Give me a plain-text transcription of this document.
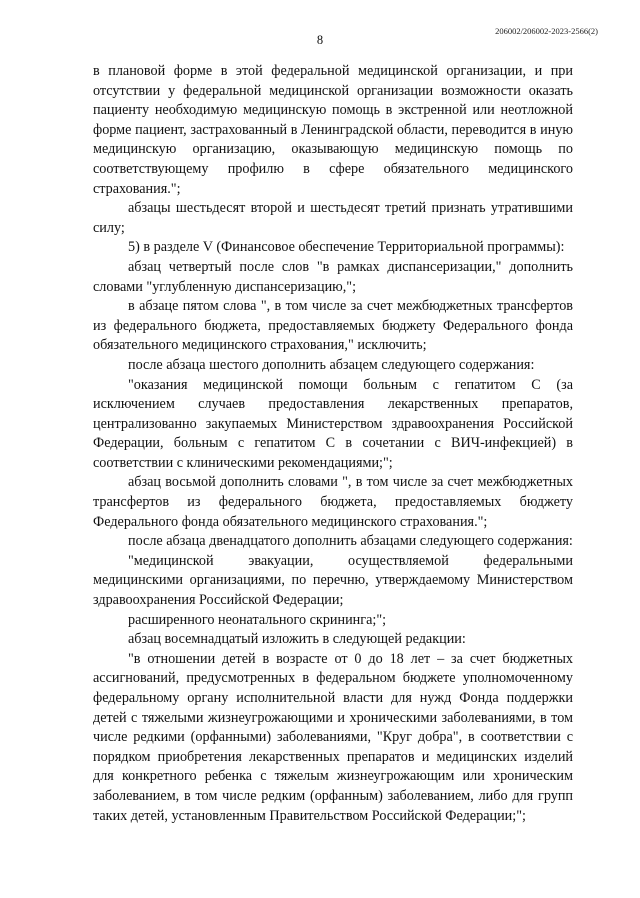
206002/206002-2023-2566(2)
8

в плановой форме в этой федеральной медицинской организации, и при отсутствии у федеральной медицинской организации возможности оказать пациенту необходимую медицинскую помощь в экстренной или неотложной форме пациент, застрахованный в Ленинградской области, переводится в иную медицинскую организацию, оказывающую медицинскую помощь по соответствующему профилю в сфере обязательного медицинского страхования.";

абзацы шестьдесят второй и шестьдесят третий признать утратившими силу;

5) в разделе V (Финансовое обеспечение Территориальной программы):

абзац четвертый после слов "в рамках диспансеризации," дополнить словами "углубленную диспансеризацию,";

в абзаце пятом слова ", в том числе за счет межбюджетных трансфертов из федерального бюджета, предоставляемых бюджету Федерального фонда обязательного медицинского страхования," исключить;

после абзаца шестого дополнить абзацем следующего содержания:

"оказания медицинской помощи больным с гепатитом С (за исключением случаев предоставления лекарственных препаратов, централизованно закупаемых Министерством здравоохранения Российской Федерации, больным с гепатитом С в сочетании с ВИЧ-инфекцией) в соответствии с клиническими рекомендациями;";

абзац восьмой дополнить словами ", в том числе за счет межбюджетных трансфертов из федерального бюджета, предоставляемых бюджету Федерального фонда обязательного медицинского страхования.";

после абзаца двенадцатого дополнить абзацами следующего содержания:

"медицинской эвакуации, осуществляемой федеральными медицинскими организациями, по перечню, утверждаемому Министерством здравоохранения Российской Федерации;

расширенного неонатального скрининга;";

абзац восемнадцатый изложить в следующей редакции:

"в отношении детей в возрасте от 0 до 18 лет – за счет бюджетных ассигнований, предусмотренных в федеральном бюджете уполномоченному федеральному органу исполнительной власти для нужд Фонда поддержки детей с тяжелыми жизнеугрожающими и хроническими заболеваниями, в том числе редкими (орфанными) заболеваниями, "Круг добра", в соответствии с порядком приобретения лекарственных препаратов и медицинских изделий для конкретного ребенка с тяжелым жизнеугрожающим или хроническим заболеванием, в том числе редким (орфанным) заболеванием, либо для групп таких детей, установленным Правительством Российской Федерации;";
